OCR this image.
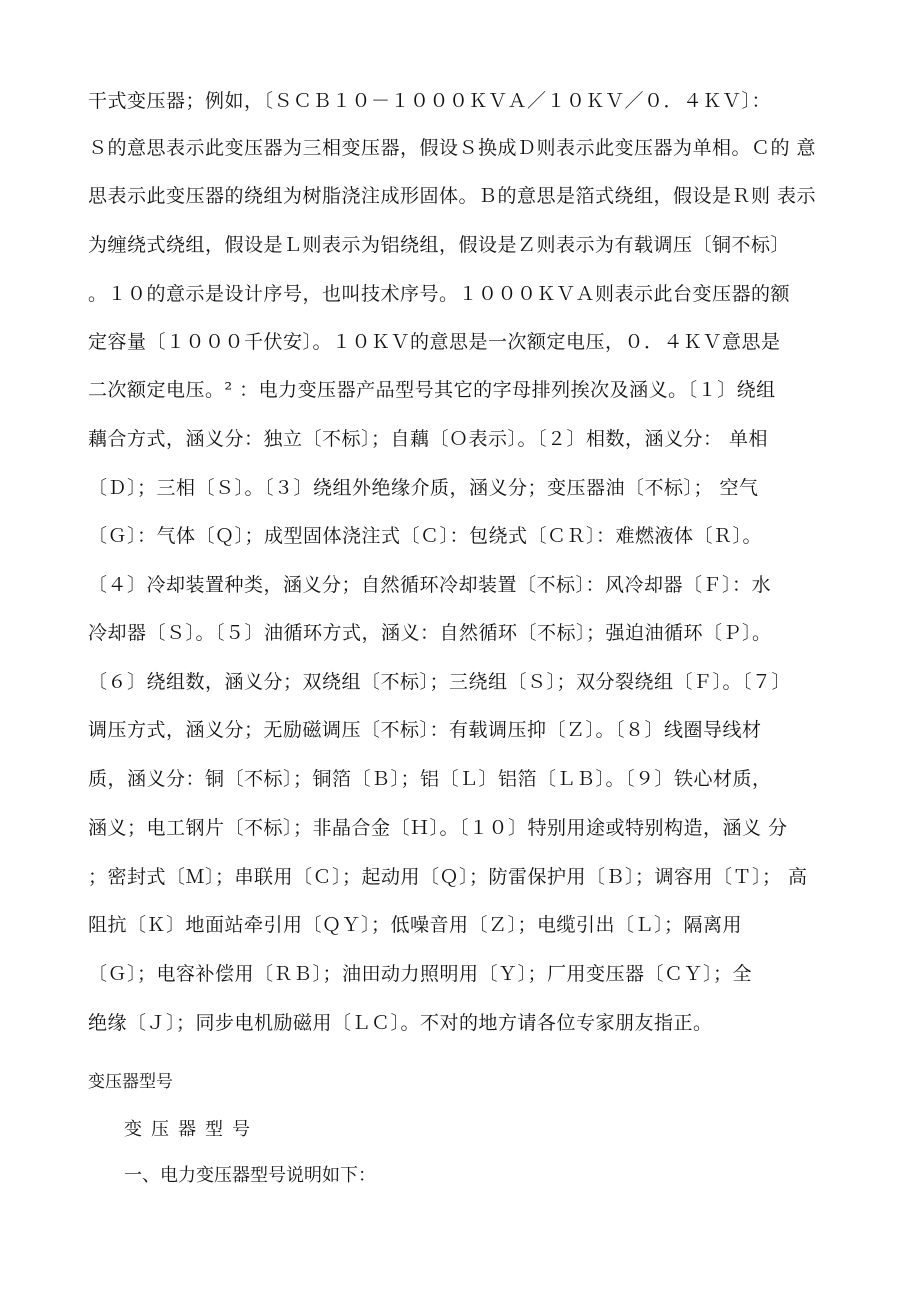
干式变压器；例如，〔ＳＣＢ１０－１０００ＫＶＡ／１０ＫＶ／０．４ＫＶ〕：
Ｓ的意思表示此变压器为三相变压器，假设Ｓ换成Ｄ则表示此变压器为单相。Ｃ的 意
思表示此变压器的绕组为树脂浇注成形固体。Ｂ的意思是箔式绕组，假设是Ｒ则 表示
为缠绕式绕组，假设是Ｌ则表示为铝绕组，假设是Ｚ则表示为有载调压〔铜不标〕
。１０的意示是设计序号，也叫技术序号。１０００ＫＶＡ则表示此台变压器的额
定容量〔１０００千伏安〕。１０ＫＶ的意思是一次额定电压，０．４ＫＶ意思是
二次额定电压。² ：电力变压器产品型号其它的字母排列挨次及涵义。〔１〕绕组
藕合方式，涵义分：独立〔不标〕；自藕〔Ｏ表示〕。〔２〕相数，涵义分： 单相
〔Ｄ〕；三相〔Ｓ〕。〔３〕绕组外绝缘介质，涵义分；变压器油〔不标〕； 空气
〔Ｇ〕：气体〔Ｑ〕；成型固体浇注式〔Ｃ〕：包绕式〔ＣＲ〕：难燃液体〔Ｒ〕。
〔４〕冷却装置种类，涵义分；自然循环冷却装置〔不标〕：风冷却器〔Ｆ〕：水
冷却器〔Ｓ〕。〔５〕油循环方式，涵义：自然循环〔不标〕；强迫油循环〔Ｐ〕。
〔６〕绕组数，涵义分；双绕组〔不标〕；三绕组〔Ｓ〕；双分裂绕组〔Ｆ〕。〔７〕
调压方式，涵义分；无励磁调压〔不标〕：有载调压抑〔Ｚ〕。〔８〕线圈导线材
质，涵义分：铜〔不标〕；铜箔〔Ｂ〕；铝〔Ｌ〕铝箔〔ＬＢ〕。〔９〕铁心材质，
涵义；电工钢片〔不标〕；非晶合金〔Ｈ〕。〔１０〕特别用途或特别构造，涵义 分
；密封式〔Ｍ〕；串联用〔Ｃ〕；起动用〔Ｑ〕；防雷保护用〔Ｂ〕；调容用〔Ｔ〕； 高
阻抗〔Ｋ〕地面站牵引用〔ＱＹ〕；低噪音用〔Ｚ〕；电缆引出〔Ｌ〕；隔离用
〔Ｇ〕；电容补偿用〔ＲＢ〕；油田动力照明用〔Ｙ〕；厂用变压器〔ＣＹ〕；全
绝缘〔Ｊ〕；同步电机励磁用〔ＬＣ〕。不对的地方请各位专家朋友指正。
变压器型号
变压器型号
一、电力变压器型号说明如下：
